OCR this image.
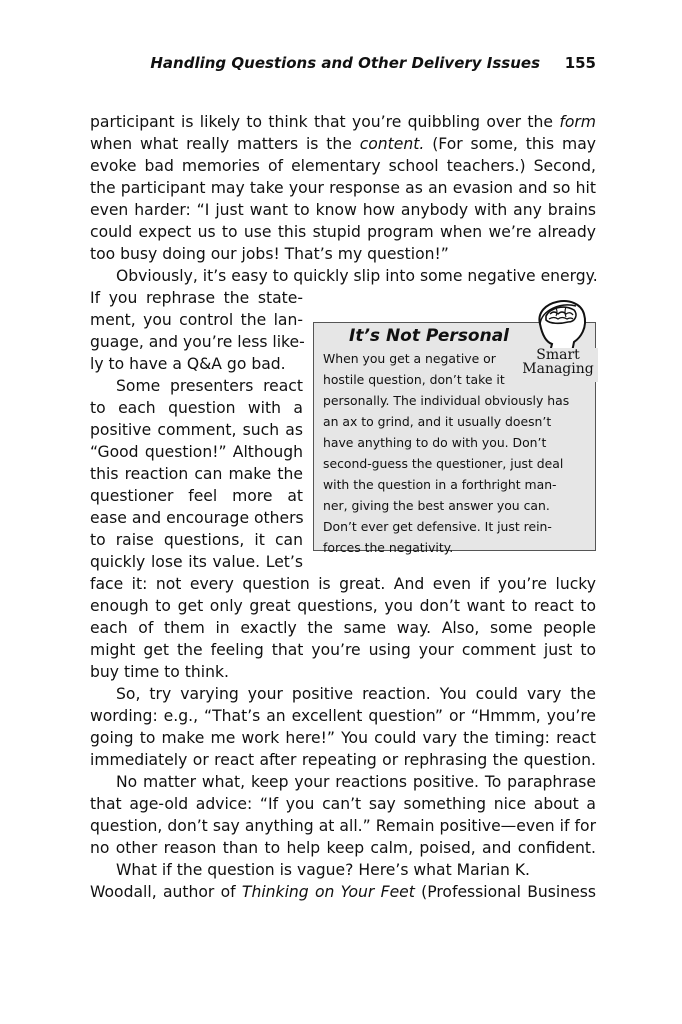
Handling Questions and Other Delivery Issues 155
participant is likely to think that you’re quibbling over the form
when what really matters is the content. (For some, this may
evoke bad memories of elementary school teachers.) Second,
the participant may take your response as an evasion and so hit
even harder: “I just want to know how anybody with any brains
could expect us to use this stupid program when we’re already
too busy doing our jobs! That’s my question!”
Obviously, it’s easy to quickly slip into some negative energy.
If you rephrase the state-
ment, you control the lan-
guage, and you’re less like-
ly to have a Q&A go bad.
Some presenters react
to each question with a
positive comment, such as
“Good question!” Although
this reaction can make the
questioner feel more at
ease and encourage others
to raise questions, it can
quickly lose its value. Let’s
face it: not every question is great. And even if you’re lucky
enough to get only great questions, you don’t want to react to
each of them in exactly the same way. Also, some people
might get the feeling that you’re using your comment just to
buy time to think.
So, try varying your positive reaction. You could vary the
wording: e.g., “That’s an excellent question” or “Hmmm, you’re
going to make me work here!” You could vary the timing: react
immediately or react after repeating or rephrasing the question.
No matter what, keep your reactions positive. To paraphrase
that age-old advice: “If you can’t say something nice about a
question, don’t say anything at all.” Remain positive—even if for
no other reason than to help keep calm, poised, and confident.
What if the question is vague? Here’s what Marian K.
Woodall, author of Thinking on Your Feet (Professional Business
It’s Not Personal
When you get a negative or
hostile question, don’t take it
personally. The individual obviously has
an ax to grind, and it usually doesn’t
have anything to do with you. Don’t
second-guess the questioner, just deal
with the question in a forthright man-
ner, giving the best answer you can.
Don’t ever get defensive. It just rein-
forces the negativity.
Smart
Managing
